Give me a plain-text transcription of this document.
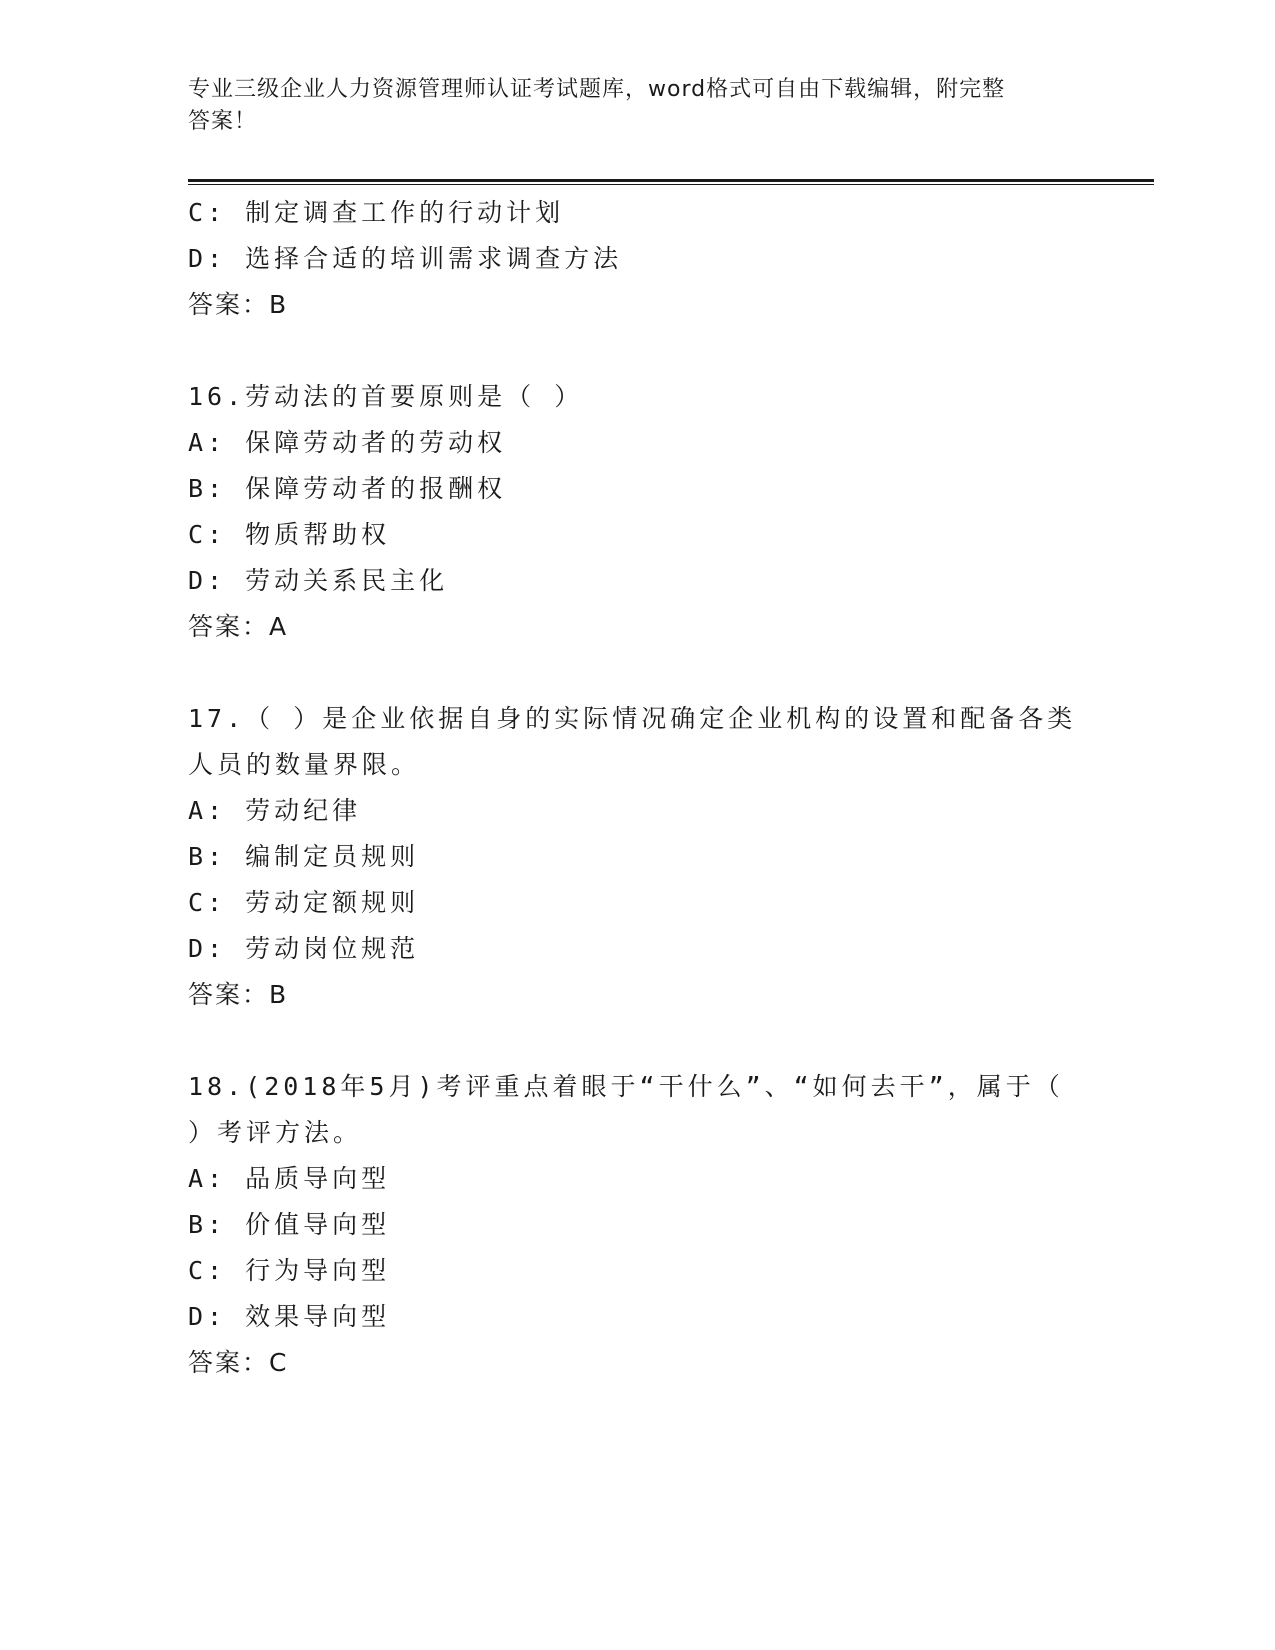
专业三级企业人力资源管理师认证考试题库，word格式可自由下载编辑，附完整
答案！
C: 制定调查工作的行动计划
D: 选择合适的培训需求调查方法
答案：B
16.劳动法的首要原则是（ ）
A: 保障劳动者的劳动权
B: 保障劳动者的报酬权
C: 物质帮助权
D: 劳动关系民主化
答案：A
17.（ ）是企业依据自身的实际情况确定企业机构的设置和配备各类
人员的数量界限。
A: 劳动纪律
B: 编制定员规则
C: 劳动定额规则
D: 劳动岗位规范
答案：B
18.(2018年5月)考评重点着眼于“干什么”、“如何去干”，属于（
）考评方法。
A: 品质导向型
B: 价值导向型
C: 行为导向型
D: 效果导向型
答案：C
